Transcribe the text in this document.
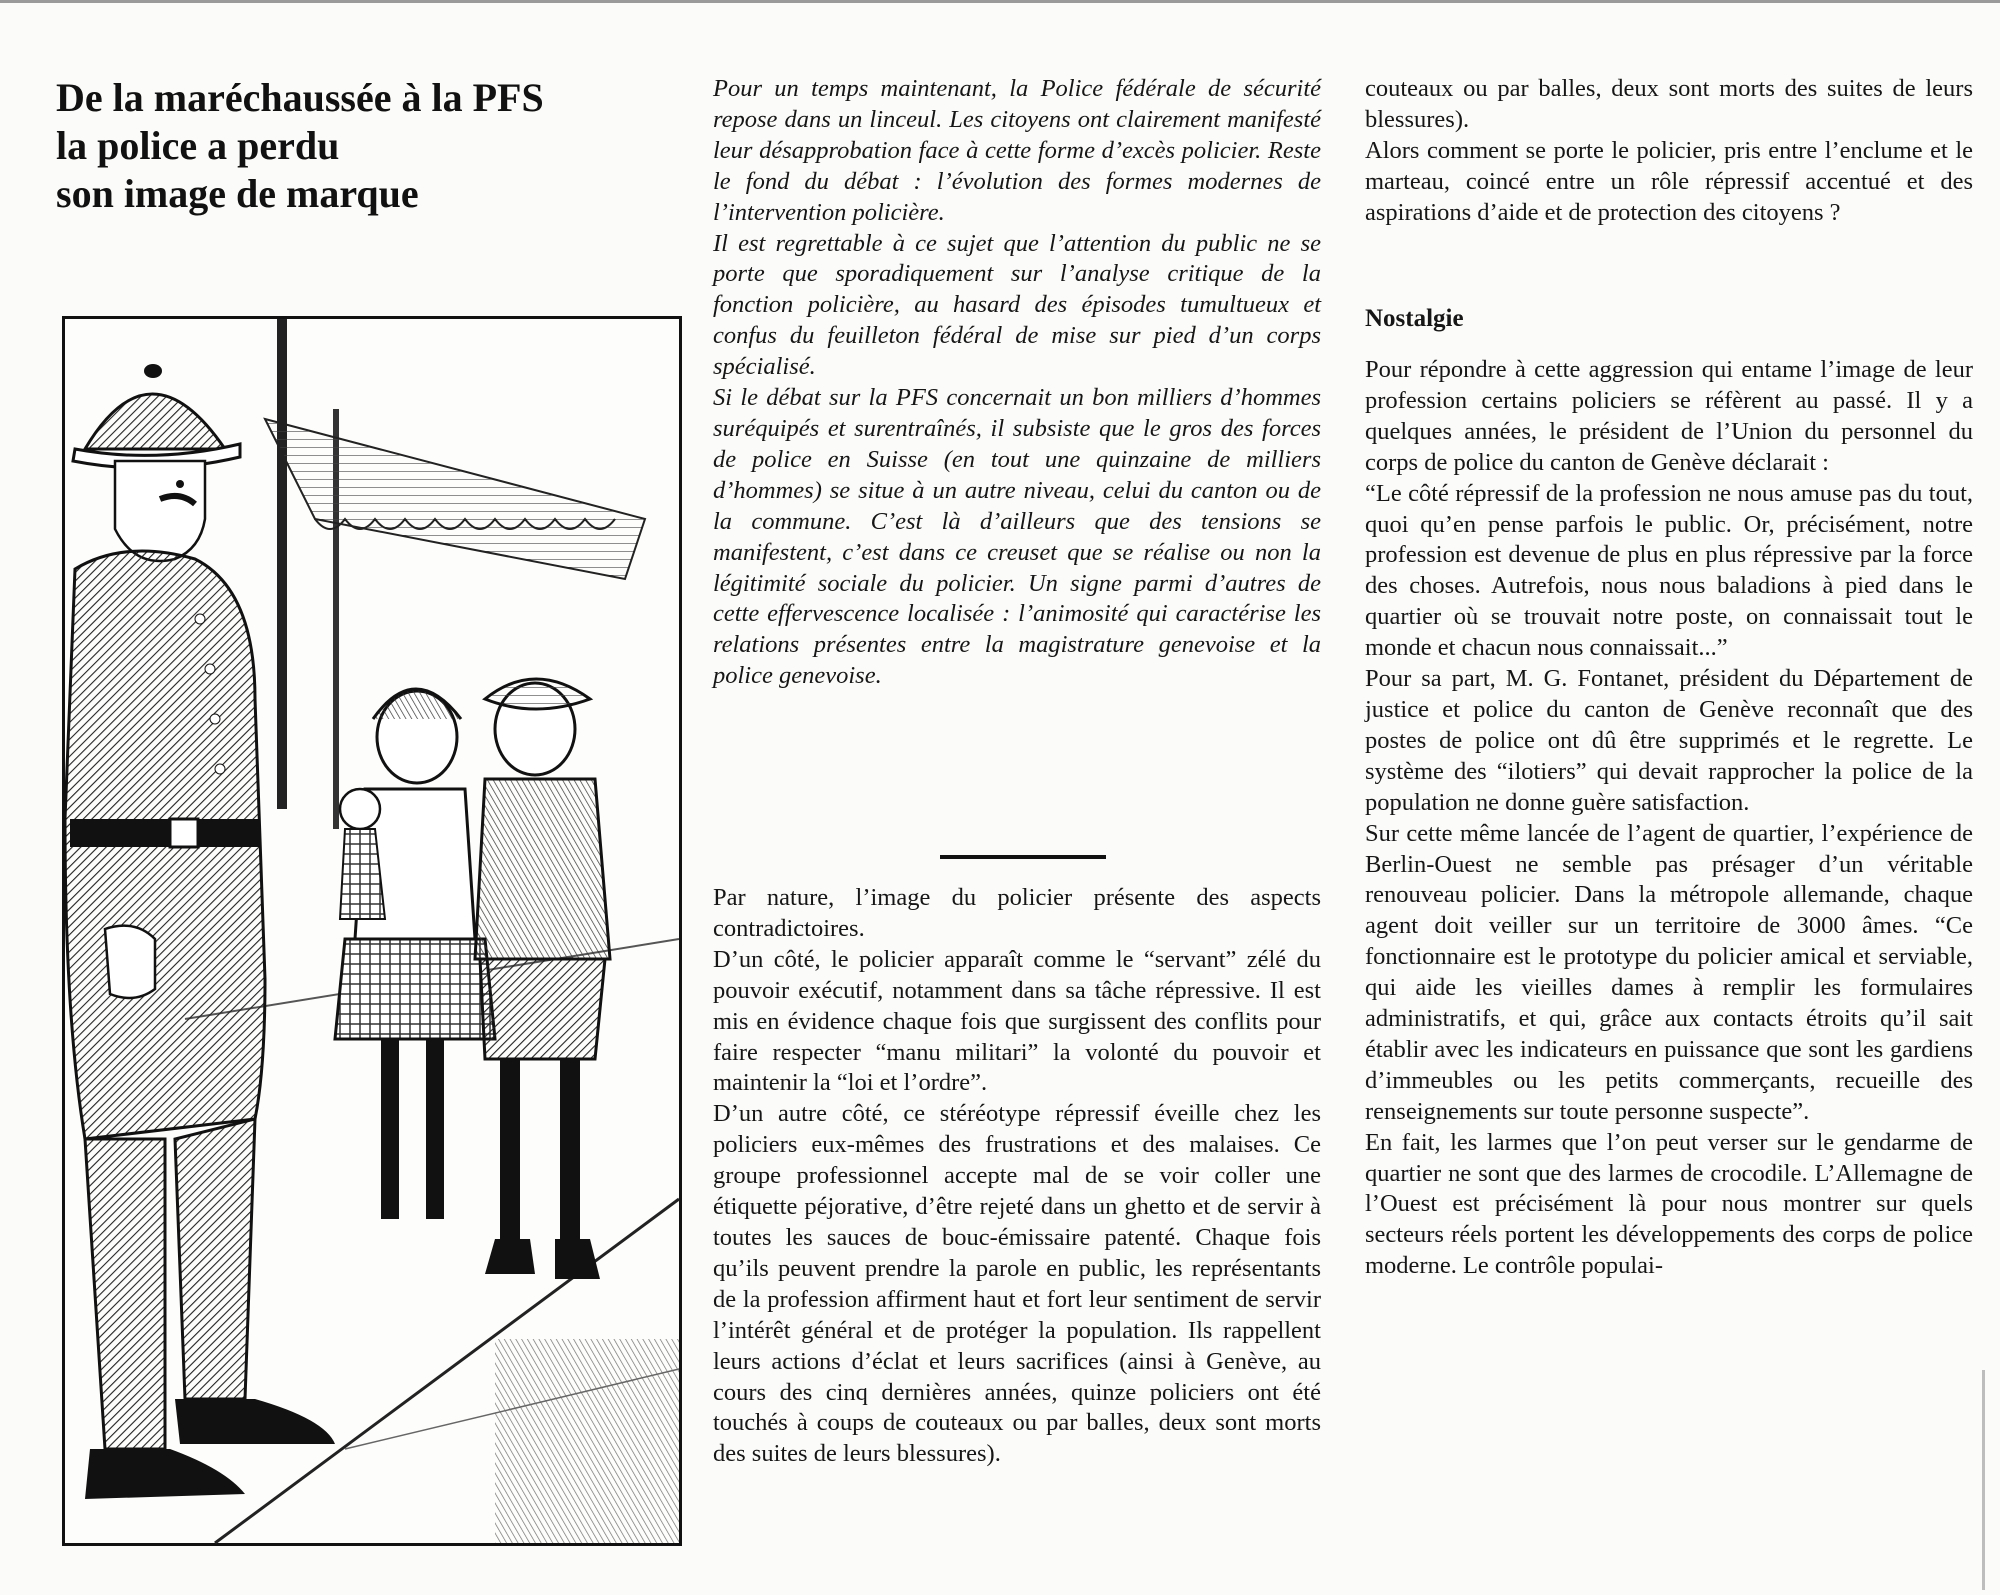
De la maréchaussée à la PFS
la police a perdu
son image de marque

Pour un temps maintenant, la Police fédérale de sécurité repose dans un linceul. Les citoyens ont clairement manifesté leur désapprobation face à cette forme d’excès policier. Reste le fond du débat : l’évolution des formes modernes de l’intervention policière.

Il est regrettable à ce sujet que l’attention du public ne se porte que sporadiquement sur l’analyse critique de la fonction policière, au hasard des épisodes tumultueux et confus du feuilleton fédéral de mise sur pied d’un corps spécialisé.

Si le débat sur la PFS concernait un bon milliers d’hommes suréquipés et surentraînés, il subsiste que le gros des forces de police en Suisse (en tout une quinzaine de milliers d’hommes) se situe à un autre niveau, celui du canton ou de la commune. C’est là d’ailleurs que des tensions se manifestent, c’est dans ce creuset que se réalise ou non la légitimité sociale du policier. Un signe parmi d’autres de cette effervescence localisée : l’animosité qui caractérise les relations présentes entre la magistrature genevoise et la police genevoise.

Par nature, l’image du policier présente des aspects contradictoires.

D’un côté, le policier apparaît comme le “servant” zélé du pouvoir exécutif, notamment dans sa tâche répressive. Il est mis en évidence chaque fois que surgissent des conflits pour faire respecter “manu militari” la volonté du pouvoir et maintenir la “loi et l’ordre”.

D’un autre côté, ce stéréotype répressif éveille chez les policiers eux-mêmes des frustrations et des malaises. Ce groupe professionnel accepte mal de se voir coller une étiquette péjorative, d’être rejeté dans un ghetto et de servir à toutes les sauces de bouc-émissaire patenté. Chaque fois qu’ils peuvent prendre la parole en public, les représentants de la profession affirment haut et fort leur sentiment de servir l’intérêt général et de protéger la population. Ils rappellent leurs actions d’éclat et leurs sacrifices (ainsi à Genève, au cours des cinq dernières années, quinze policiers ont été touchés à coups de couteaux ou par balles, deux sont morts des suites de leurs blessures).

couteaux ou par balles, deux sont morts des suites de leurs blessures).

Alors comment se porte le policier, pris entre l’enclume et le marteau, coincé entre un rôle répressif accentué et des aspirations d’aide et de protection des citoyens ?

Nostalgie

Pour répondre à cette aggression qui entame l’image de leur profession certains policiers se réfèrent au passé. Il y a quelques années, le président de l’Union du personnel du corps de police du canton de Genève déclarait :

“Le côté répressif de la profession ne nous amuse pas du tout, quoi qu’en pense parfois le public. Or, précisément, notre profession est devenue de plus en plus répressive par la force des choses. Autrefois, nous nous baladions à pied dans le quartier où se trouvait notre poste, on connaissait tout le monde et chacun nous connaissait...”

Pour sa part, M. G. Fontanet, président du Département de justice et police du canton de Genève reconnaît que des postes de police ont dû être supprimés et le regrette. Le système des “ilotiers” qui devait rapprocher la police de la population ne donne guère satisfaction.

Sur cette même lancée de l’agent de quartier, l’expérience de Berlin-Ouest ne semble pas présager d’un véritable renouveau policier. Dans la métropole allemande, chaque agent doit veiller sur un territoire de 3000 âmes. “Ce fonctionnaire est le prototype du policier amical et serviable, qui aide les vieilles dames à remplir les formulaires administratifs, et qui, grâce aux contacts étroits qu’il sait établir avec les indicateurs en puissance que sont les gardiens d’immeubles ou les petits commerçants, recueille des renseignements sur toute personne suspecte”.

En fait, les larmes que l’on peut verser sur le gendarme de quartier ne sont que des larmes de crocodile. L’Allemagne de l’Ouest est précisément là pour nous montrer sur quels secteurs réels portent les développements des corps de police moderne. Le contrôle populai-
